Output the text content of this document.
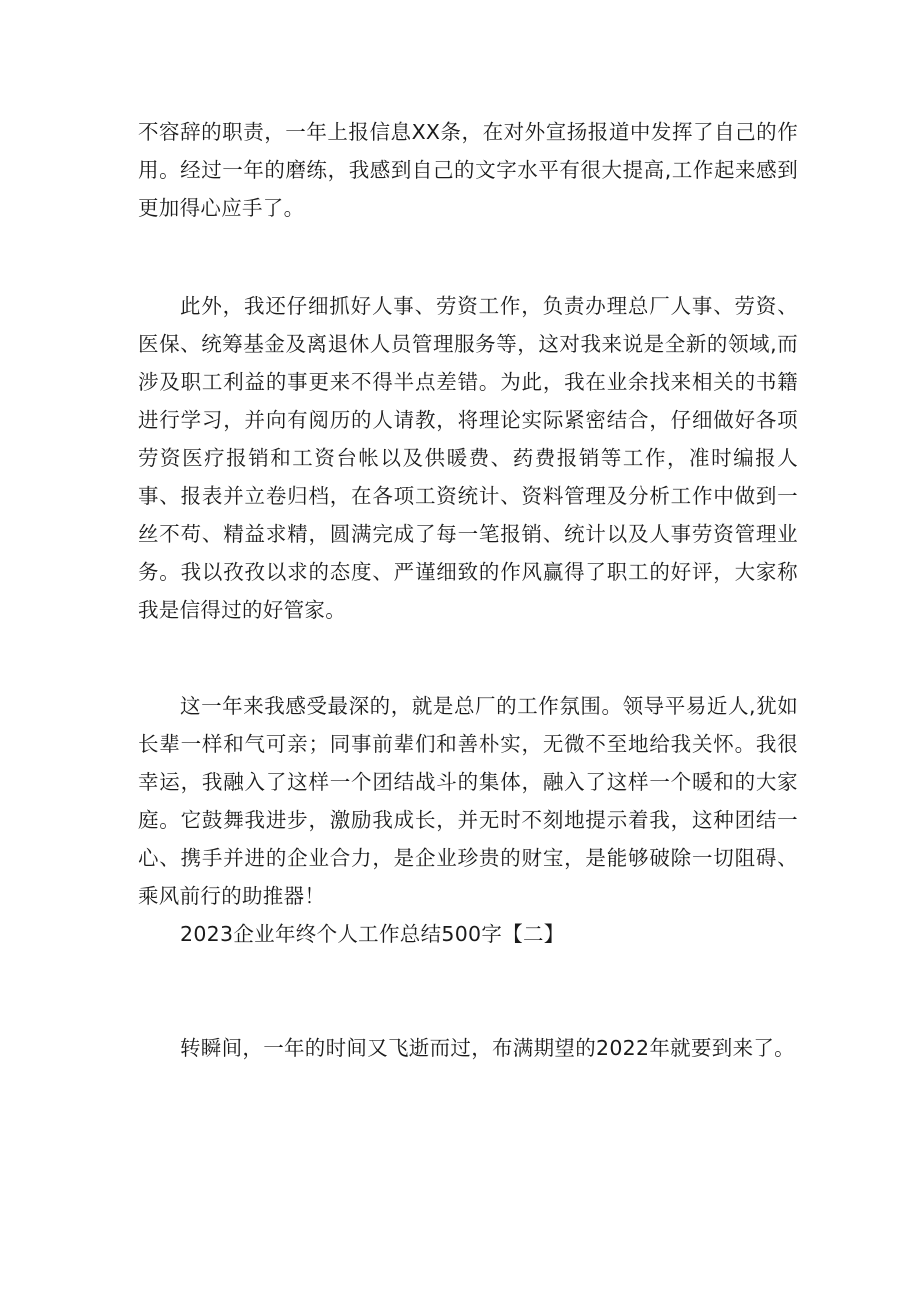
不容辞的职责，一年上报信息XX条，在对外宣扬报道中发挥了自己的作用。经过一年的磨练，我感到自己的文字水平有很大提高,工作起来感到更加得心应手了。

此外，我还仔细抓好人事、劳资工作，负责办理总厂人事、劳资、医保、统筹基金及离退休人员管理服务等，这对我来说是全新的领域,而涉及职工利益的事更来不得半点差错。为此，我在业余找来相关的书籍进行学习，并向有阅历的人请教，将理论实际紧密结合，仔细做好各项劳资医疗报销和工资台帐以及供暖费、药费报销等工作，准时编报人事、报表并立卷归档，在各项工资统计、资料管理及分析工作中做到一丝不苟、精益求精，圆满完成了每一笔报销、统计以及人事劳资管理业务。我以孜孜以求的态度、严谨细致的作风赢得了职工的好评，大家称我是信得过的好管家。

这一年来我感受最深的，就是总厂的工作氛围。领导平易近人,犹如长辈一样和气可亲；同事前辈们和善朴实，无微不至地给我关怀。我很幸运，我融入了这样一个团结战斗的集体，融入了这样一个暖和的大家庭。它鼓舞我进步，激励我成长，并无时不刻地提示着我，这种团结一心、携手并进的企业合力，是企业珍贵的财宝，是能够破除一切阻碍、乘风前行的助推器！

2023企业年终个人工作总结500字【二】

转瞬间，一年的时间又飞逝而过，布满期望的2022年就要到来了。
